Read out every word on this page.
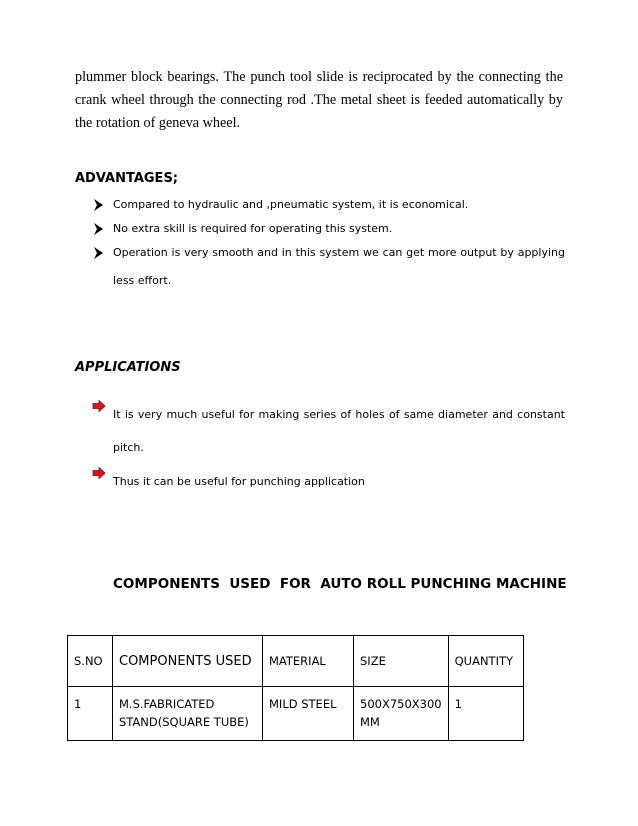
plummer block bearings. The punch tool slide is reciprocated by the connecting the crank wheel through the connecting rod .The metal sheet is feeded automatically by the rotation of geneva wheel.
ADVANTAGES;
Compared to hydraulic and ,pneumatic system, it is economical.
No extra skill is required for operating this system.
Operation is very smooth and in this system we can get more output by applying less effort.
APPLICATIONS
It is very much useful for making series of holes of same diameter and constant pitch.
Thus it can be useful for punching application
COMPONENTS  USED  FOR  AUTO ROLL PUNCHING MACHINE
S.NO	COMPONENTS USED	MATERIAL	SIZE	QUANTITY
1	M.S.FABRICATED STAND(SQUARE TUBE)	MILD STEEL	500X750X300 MM	1
